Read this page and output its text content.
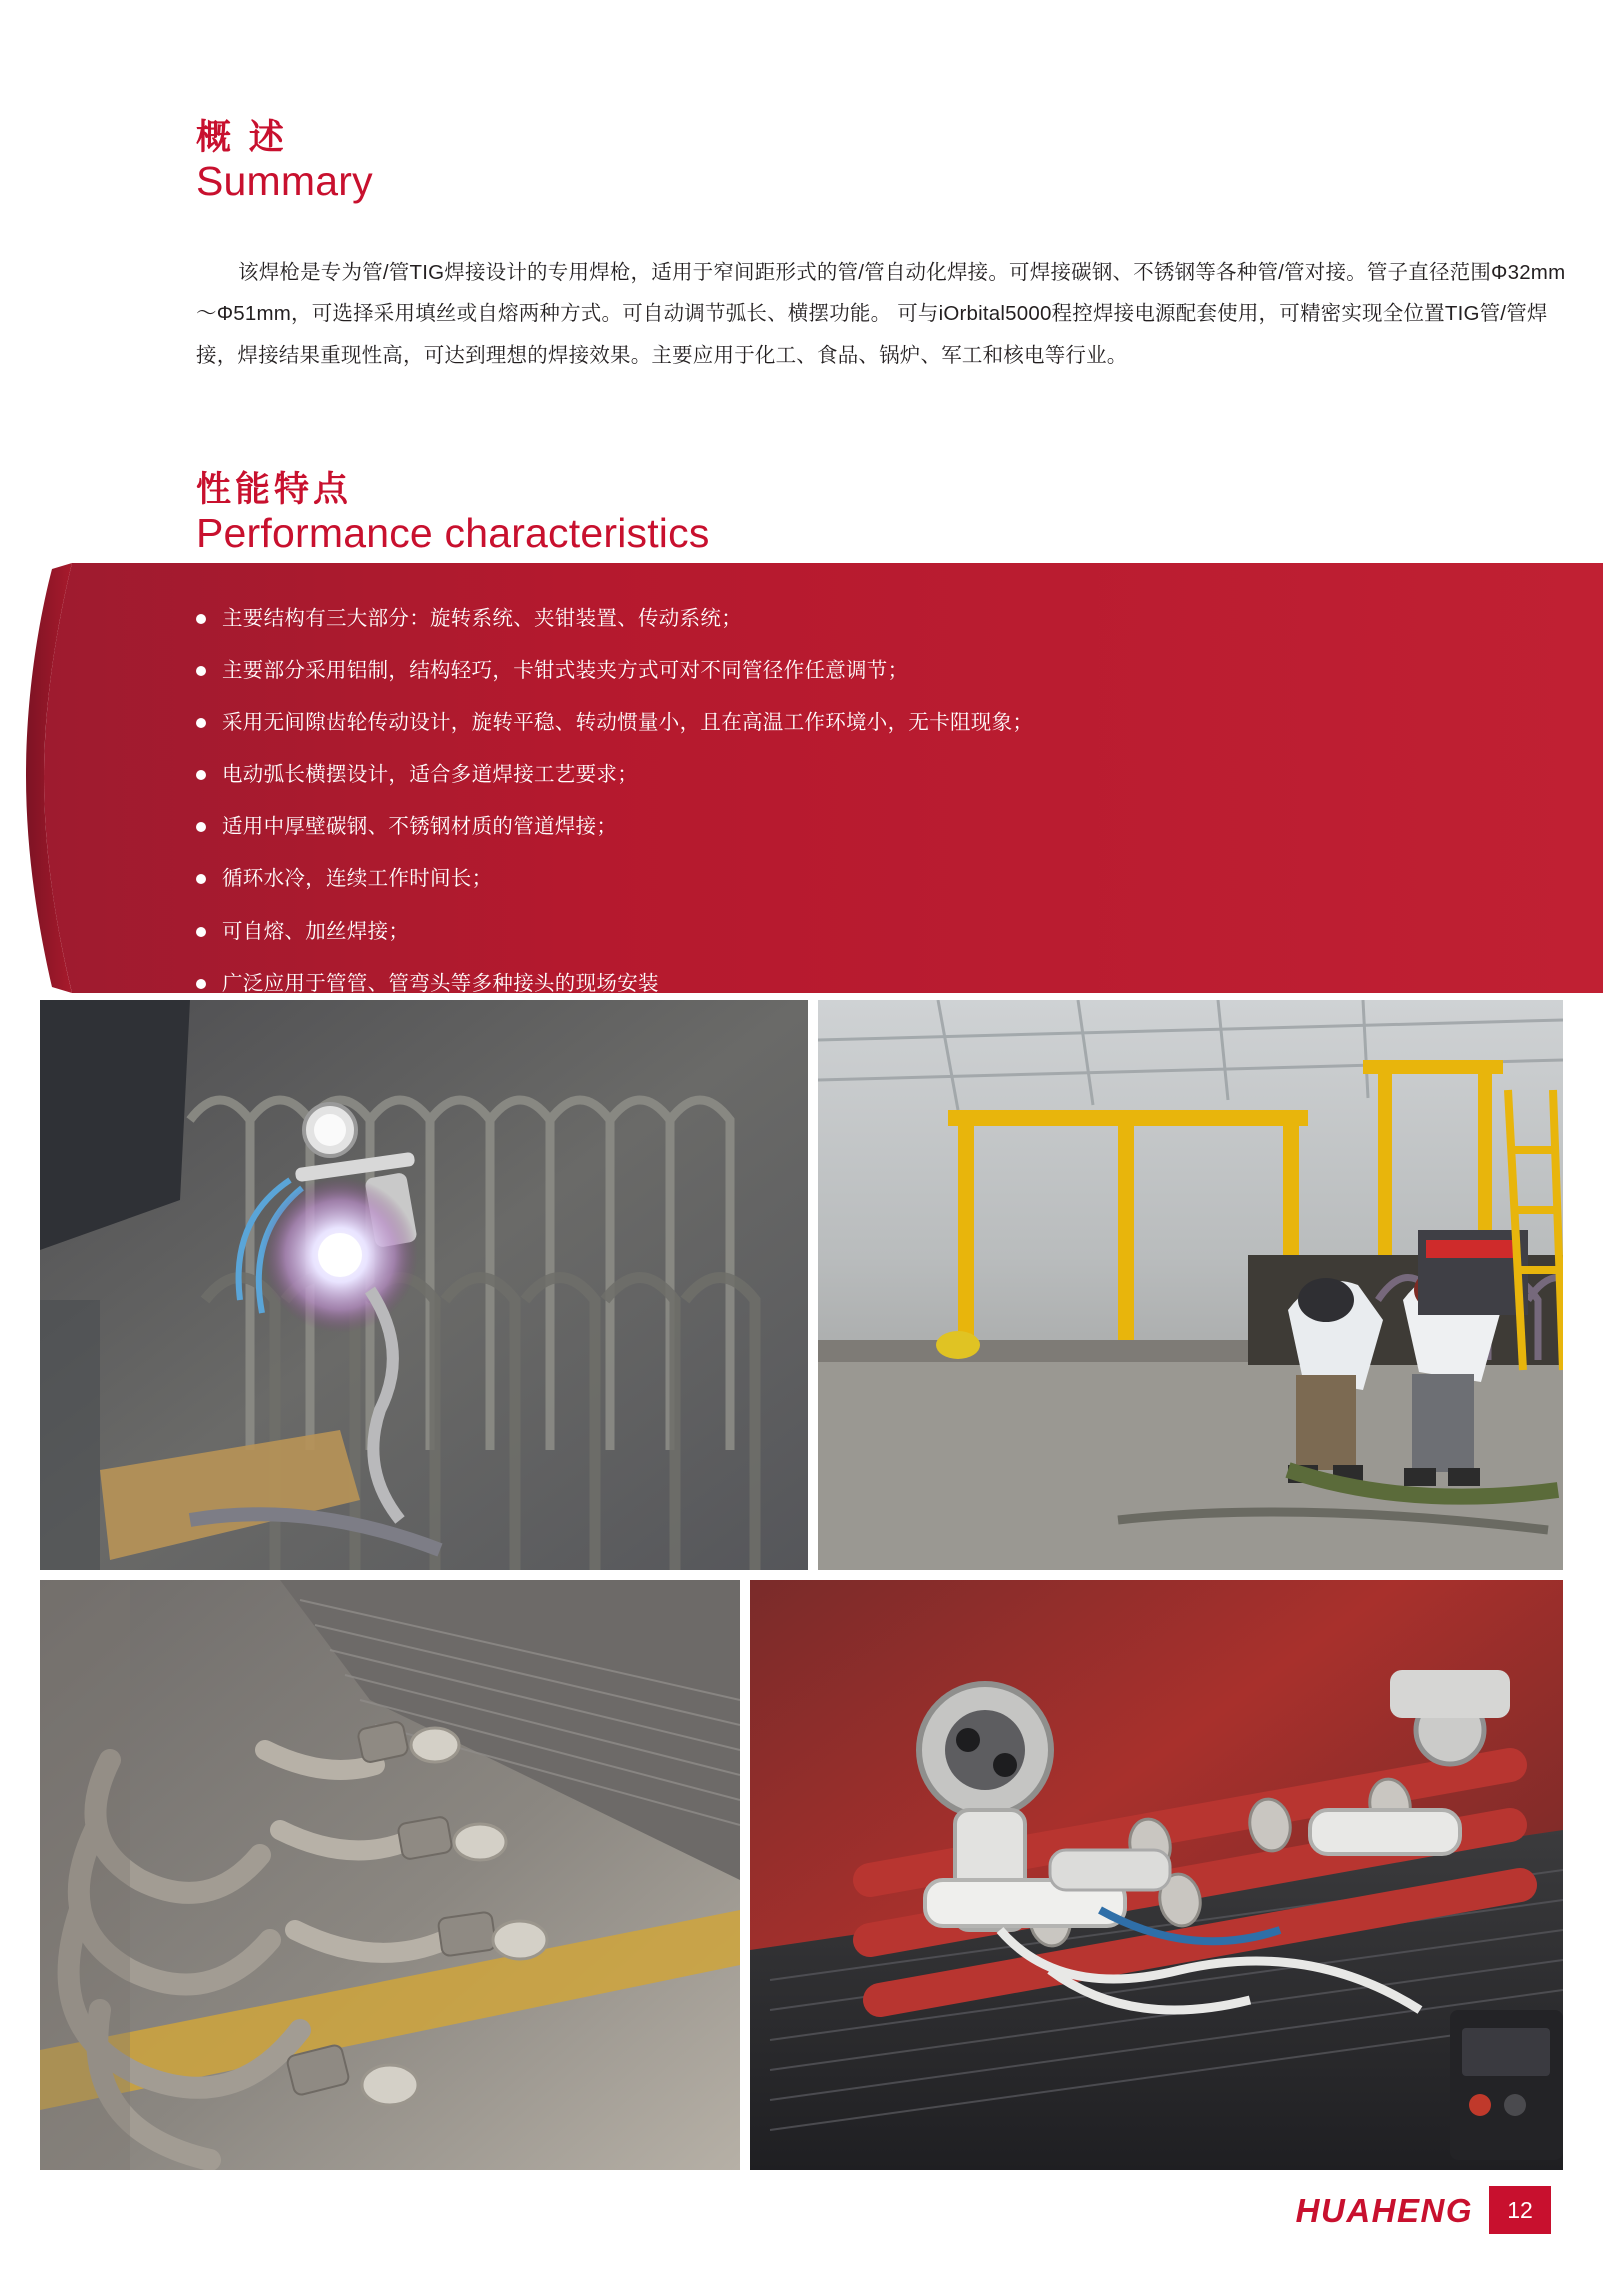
概 述

Summary

该焊枪是专为管/管TIG焊接设计的专用焊枪，适用于窄间距形式的管/管自动化焊接。可焊接碳钢、不锈钢等各种管/管对接。管子直径范围Φ32mm～Φ51mm，可选择采用填丝或自熔两种方式。可自动调节弧长、横摆功能。 可与iOrbital5000程控焊接电源配套使用，可精密实现全位置TIG管/管焊接，焊接结果重现性高，可达到理想的焊接效果。主要应用于化工、食品、锅炉、军工和核电等行业。

性能特点

Performance characteristics

主要结构有三大部分：旋转系统、夹钳装置、传动系统；
主要部分采用铝制，结构轻巧，卡钳式装夹方式可对不同管径作任意调节；
采用无间隙齿轮传动设计，旋转平稳、转动惯量小，且在高温工作环境小，无卡阻现象；
电动弧长横摆设计，适合多道焊接工艺要求；
适用中厚壁碳钢、不锈钢材质的管道焊接；
循环水冷，连续工作时间长；
可自熔、加丝焊接；
广泛应用于管管、管弯头等多种接头的现场安装
HUAHENG	12
